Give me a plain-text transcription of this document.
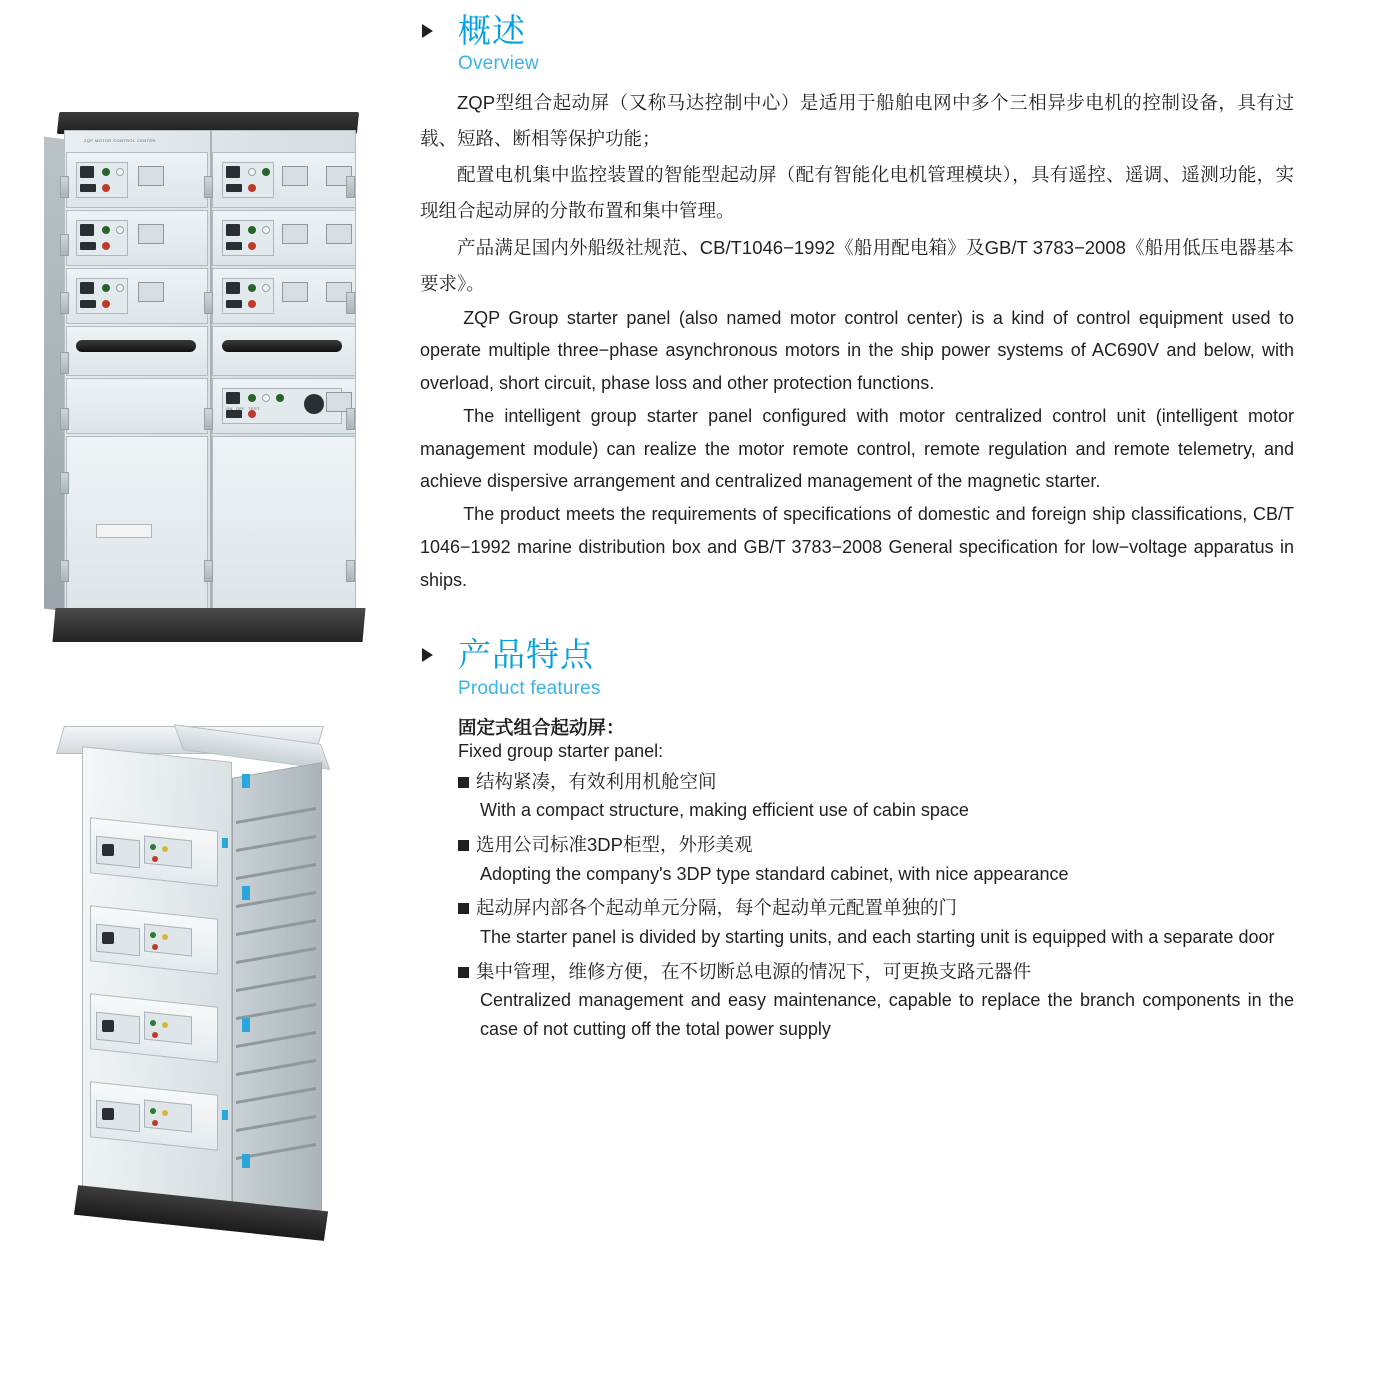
ZQP MOTOR CONTROL CENTER
ON  OFF  TEST
概述
Overview

ZQP型组合起动屏（又称马达控制中心）是适用于船舶电网中多个三相异步电机的控制设备，具有过载、短路、断相等保护功能；

配置电机集中监控装置的智能型起动屏（配有智能化电机管理模块），具有遥控、遥调、遥测功能，实现组合起动屏的分散布置和集中管理。

产品满足国内外船级社规范、CB/T1046−1992《船用配电箱》及GB/T 3783−2008《船用低压电器基本要求》。

ZQP Group starter panel (also named motor control center) is a kind of control equipment used to operate multiple three−phase asynchronous motors in the ship power systems of AC690V and below, with overload, short circuit, phase loss and other protection functions.

The intelligent group starter panel configured with motor centralized control unit (intelligent motor management module) can realize the motor remote control, remote regulation and remote telemetry, and achieve dispersive arrangement and centralized management of the magnetic starter.

The product meets the requirements of specifications of domestic and foreign ship classifications, CB/T 1046−1992 marine distribution box and GB/T 3783−2008 General specification for low−voltage apparatus in ships.

产品特点
Product features
固定式组合起动屏：
Fixed group starter panel:
结构紧凑，有效利用机舱空间
With a compact structure, making efficient use of cabin space
选用公司标准3DP柜型，外形美观
Adopting the company's 3DP type standard cabinet, with nice appearance
起动屏内部各个起动单元分隔，每个起动单元配置单独的门
The starter panel is divided by starting units, and each starting unit is equipped with a separate door
集中管理，维修方便，在不切断总电源的情况下，可更换支路元器件
Centralized management and easy maintenance, capable to replace the branch components in the case of not cutting off the total power supply
